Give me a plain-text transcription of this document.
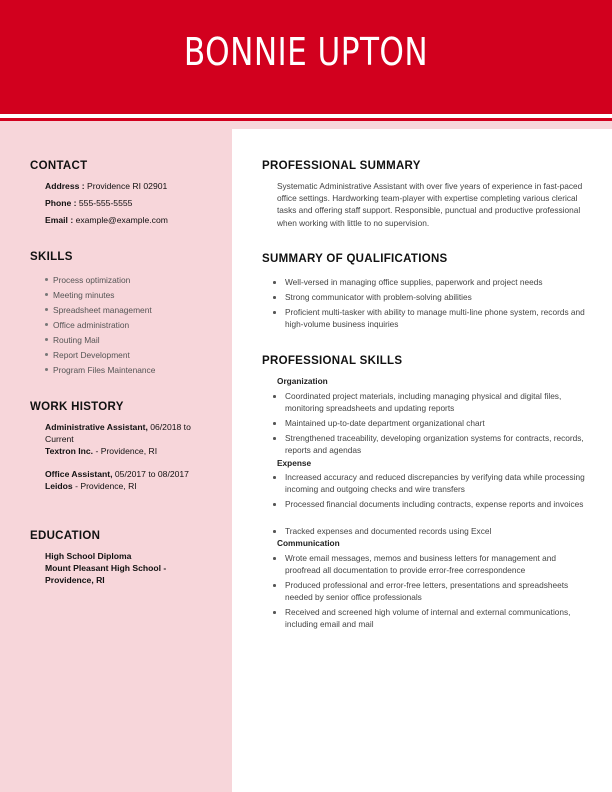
BONNIE UPTON
CONTACT
Address : Providence RI 02901
Phone : 555-555-5555
Email : example@example.com
SKILLS
Process optimization
Meeting minutes
Spreadsheet management
Office administration
Routing Mail
Report Development
Program Files Maintenance
WORK HISTORY
Administrative Assistant, 06/2018 to Current
Textron Inc. - Providence, RI
Office Assistant, 05/2017 to 08/2017
Leidos - Providence, RI
EDUCATION
High School Diploma
Mount Pleasant High School -
Providence, RI
PROFESSIONAL SUMMARY
Systematic Administrative Assistant with over five years of experience in fast-paced office settings. Hardworking team-player with expertise completing various clerical tasks and offering staff support. Responsible, punctual and productive professional when working with little to no supervision.
SUMMARY OF QUALIFICATIONS
Well-versed in managing office supplies, paperwork and project needs
Strong communicator with problem-solving abilities
Proficient multi-tasker with ability to manage multi-line phone system, records and high-volume business inquiries
PROFESSIONAL SKILLS
Organization
Coordinated project materials, including managing physical and digital files, monitoring spreadsheets and updating reports
Maintained up-to-date department organizational chart
Strengthened traceability, developing organization systems for contracts, records, reports and agendas
Expense
Increased accuracy and reduced discrepancies by verifying data while processing incoming and outgoing checks and wire transfers
Processed financial documents including contracts, expense reports and invoices
Tracked expenses and documented records using Excel
Communication
Wrote email messages, memos and business letters for management and proofread all documentation to provide error-free correspondence
Produced professional and error-free letters, presentations and spreadsheets needed by senior office professionals
Received and screened high volume of internal and external communications, including email and mail
